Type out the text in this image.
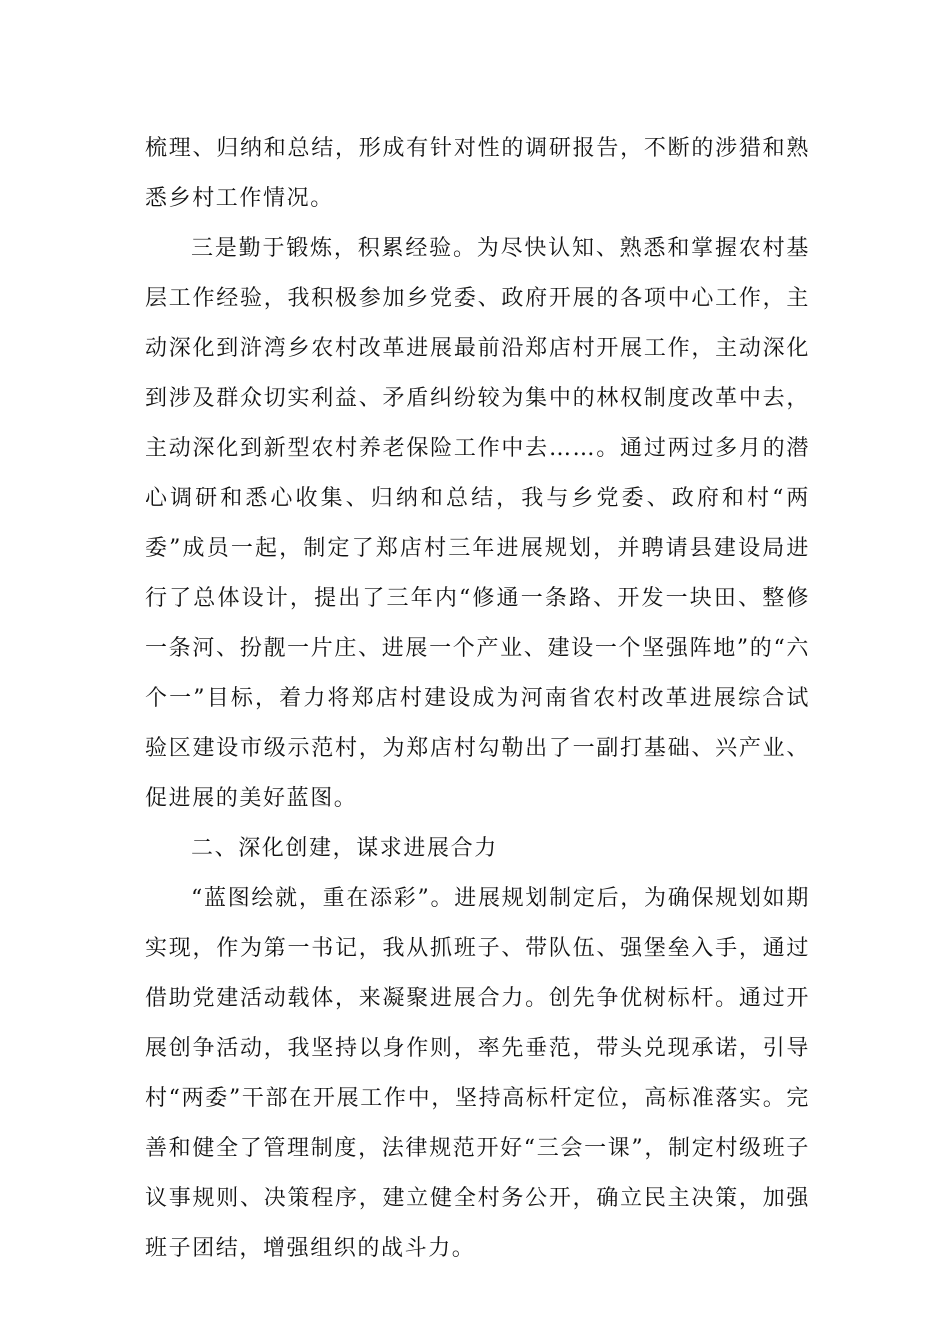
梳理、归纳和总结，形成有针对性的调研报告，不断的涉猎和熟悉乡村工作情况。

三是勤于锻炼，积累经验。为尽快认知、熟悉和掌握农村基层工作经验，我积极参加乡党委、政府开展的各项中心工作，主动深化到浒湾乡农村改革进展最前沿郑店村开展工作，主动深化到涉及群众切实利益、矛盾纠纷较为集中的林权制度改革中去，主动深化到新型农村养老保险工作中去……。通过两过多月的潜心调研和悉心收集、归纳和总结，我与乡党委、政府和村“两委”成员一起，制定了郑店村三年进展规划，并聘请县建设局进行了总体设计，提出了三年内“修通一条路、开发一块田、整修一条河、扮靓一片庄、进展一个产业、建设一个坚强阵地”的“六个一”目标，着力将郑店村建设成为河南省农村改革进展综合试验区建设市级示范村，为郑店村勾勒出了一副打基础、兴产业、促进展的美好蓝图。

二、深化创建，谋求进展合力

“蓝图绘就，重在添彩”。进展规划制定后，为确保规划如期实现，作为第一书记，我从抓班子、带队伍、强堡垒入手，通过借助党建活动载体，来凝聚进展合力。创先争优树标杆。通过开展创争活动，我坚持以身作则，率先垂范，带头兑现承诺，引导村“两委”干部在开展工作中，坚持高标杆定位，高标准落实。完善和健全了管理制度，法律规范开好“三会一课”，制定村级班子议事规则、决策程序，建立健全村务公开，确立民主决策，加强班子团结，增强组织的战斗力。
